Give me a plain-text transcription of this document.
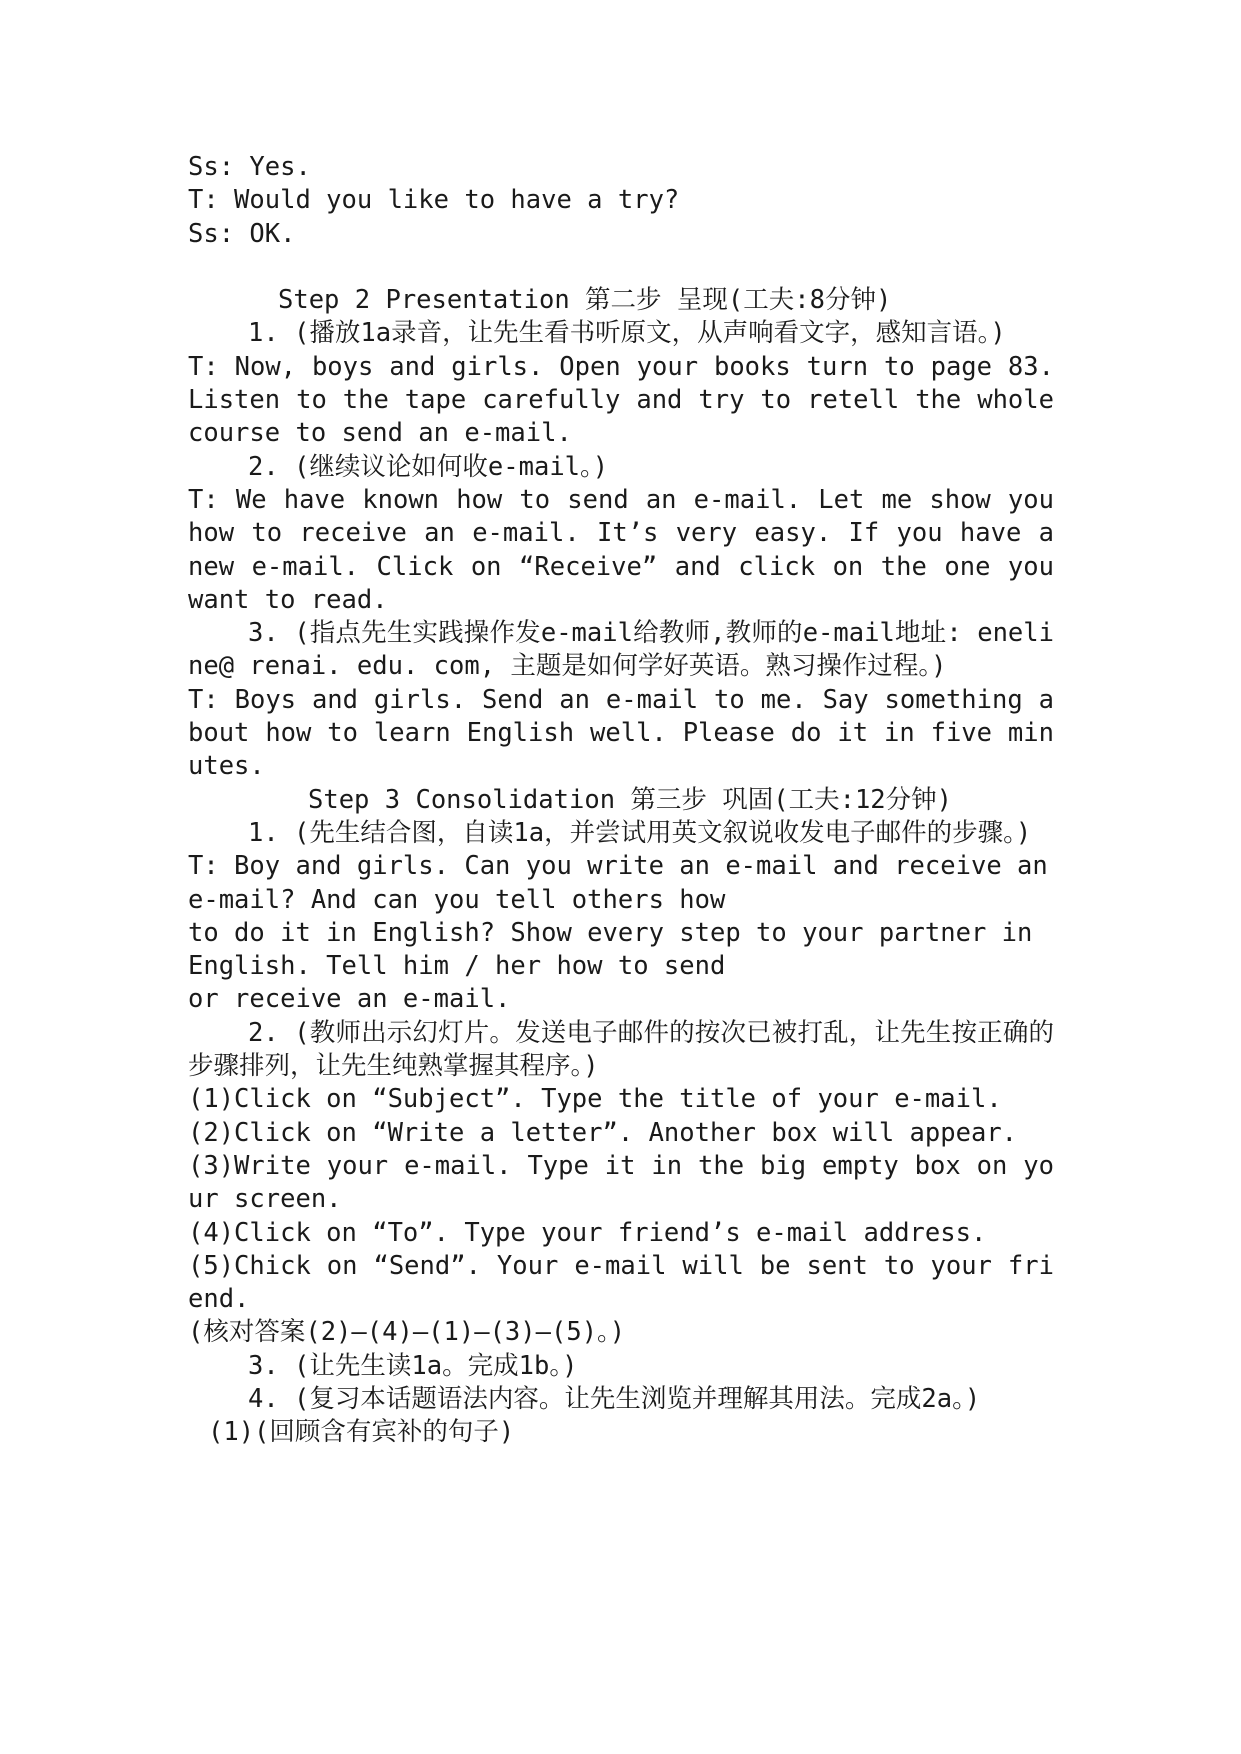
Ss: Yes.

T: Would you like to have a try?

Ss: OK.

Step 2 Presentation 第二步 呈现(工夫:8分钟)

1. (播放1a录音，让先生看书听原文，从声响看文字，感知言语。)

T: Now, boys and girls. Open your books turn to page 83. Listen to the tape carefully and try to retell the whole course to send an e-mail.

2. (继续议论如何收e-mail。)

T: We have known how to send an e-mail. Let me show you how to receive an e-mail. It’s very easy. If you have a new e-mail. Click on “Receive” and click on the one you want to read.

3. (指点先生实践操作发e-mail给教师,教师的e-mail地址: eneline@ renai. edu. com, 主题是如何学好英语。熟习操作过程。)

T: Boys and girls. Send an e-mail to me. Say something about how to learn English well. Please do it in five minutes.

Step 3 Consolidation 第三步 巩固(工夫:12分钟)

1. (先生结合图，自读1a，并尝试用英文叙说收发电子邮件的步骤。)

T: Boy and girls. Can you write an e-mail and receive an

e-mail? And can you tell others how

to do it in English? Show every step to your partner in

English. Tell him / her how to send

or receive an e-mail.

2. (教师出示幻灯片。发送电子邮件的按次已被打乱，让先生按正确的步骤排列，让先生纯熟掌握其程序。)

(1)Click on “Subject”. Type the title of your e-mail.

(2)Click on “Write a letter”. Another box will appear.

(3)Write your e-mail. Type it in the big empty box on your screen.

(4)Click on “To”. Type your friend’s e-mail address.

(5)Chick on “Send”. Your e-mail will be sent to your friend.

(核对答案(2)—(4)—(1)—(3)—(5)。)

3. (让先生读1a。完成1b。)

4. (复习本话题语法内容。让先生浏览并理解其用法。完成2a。)

(1)(回顾含有宾补的句子)
